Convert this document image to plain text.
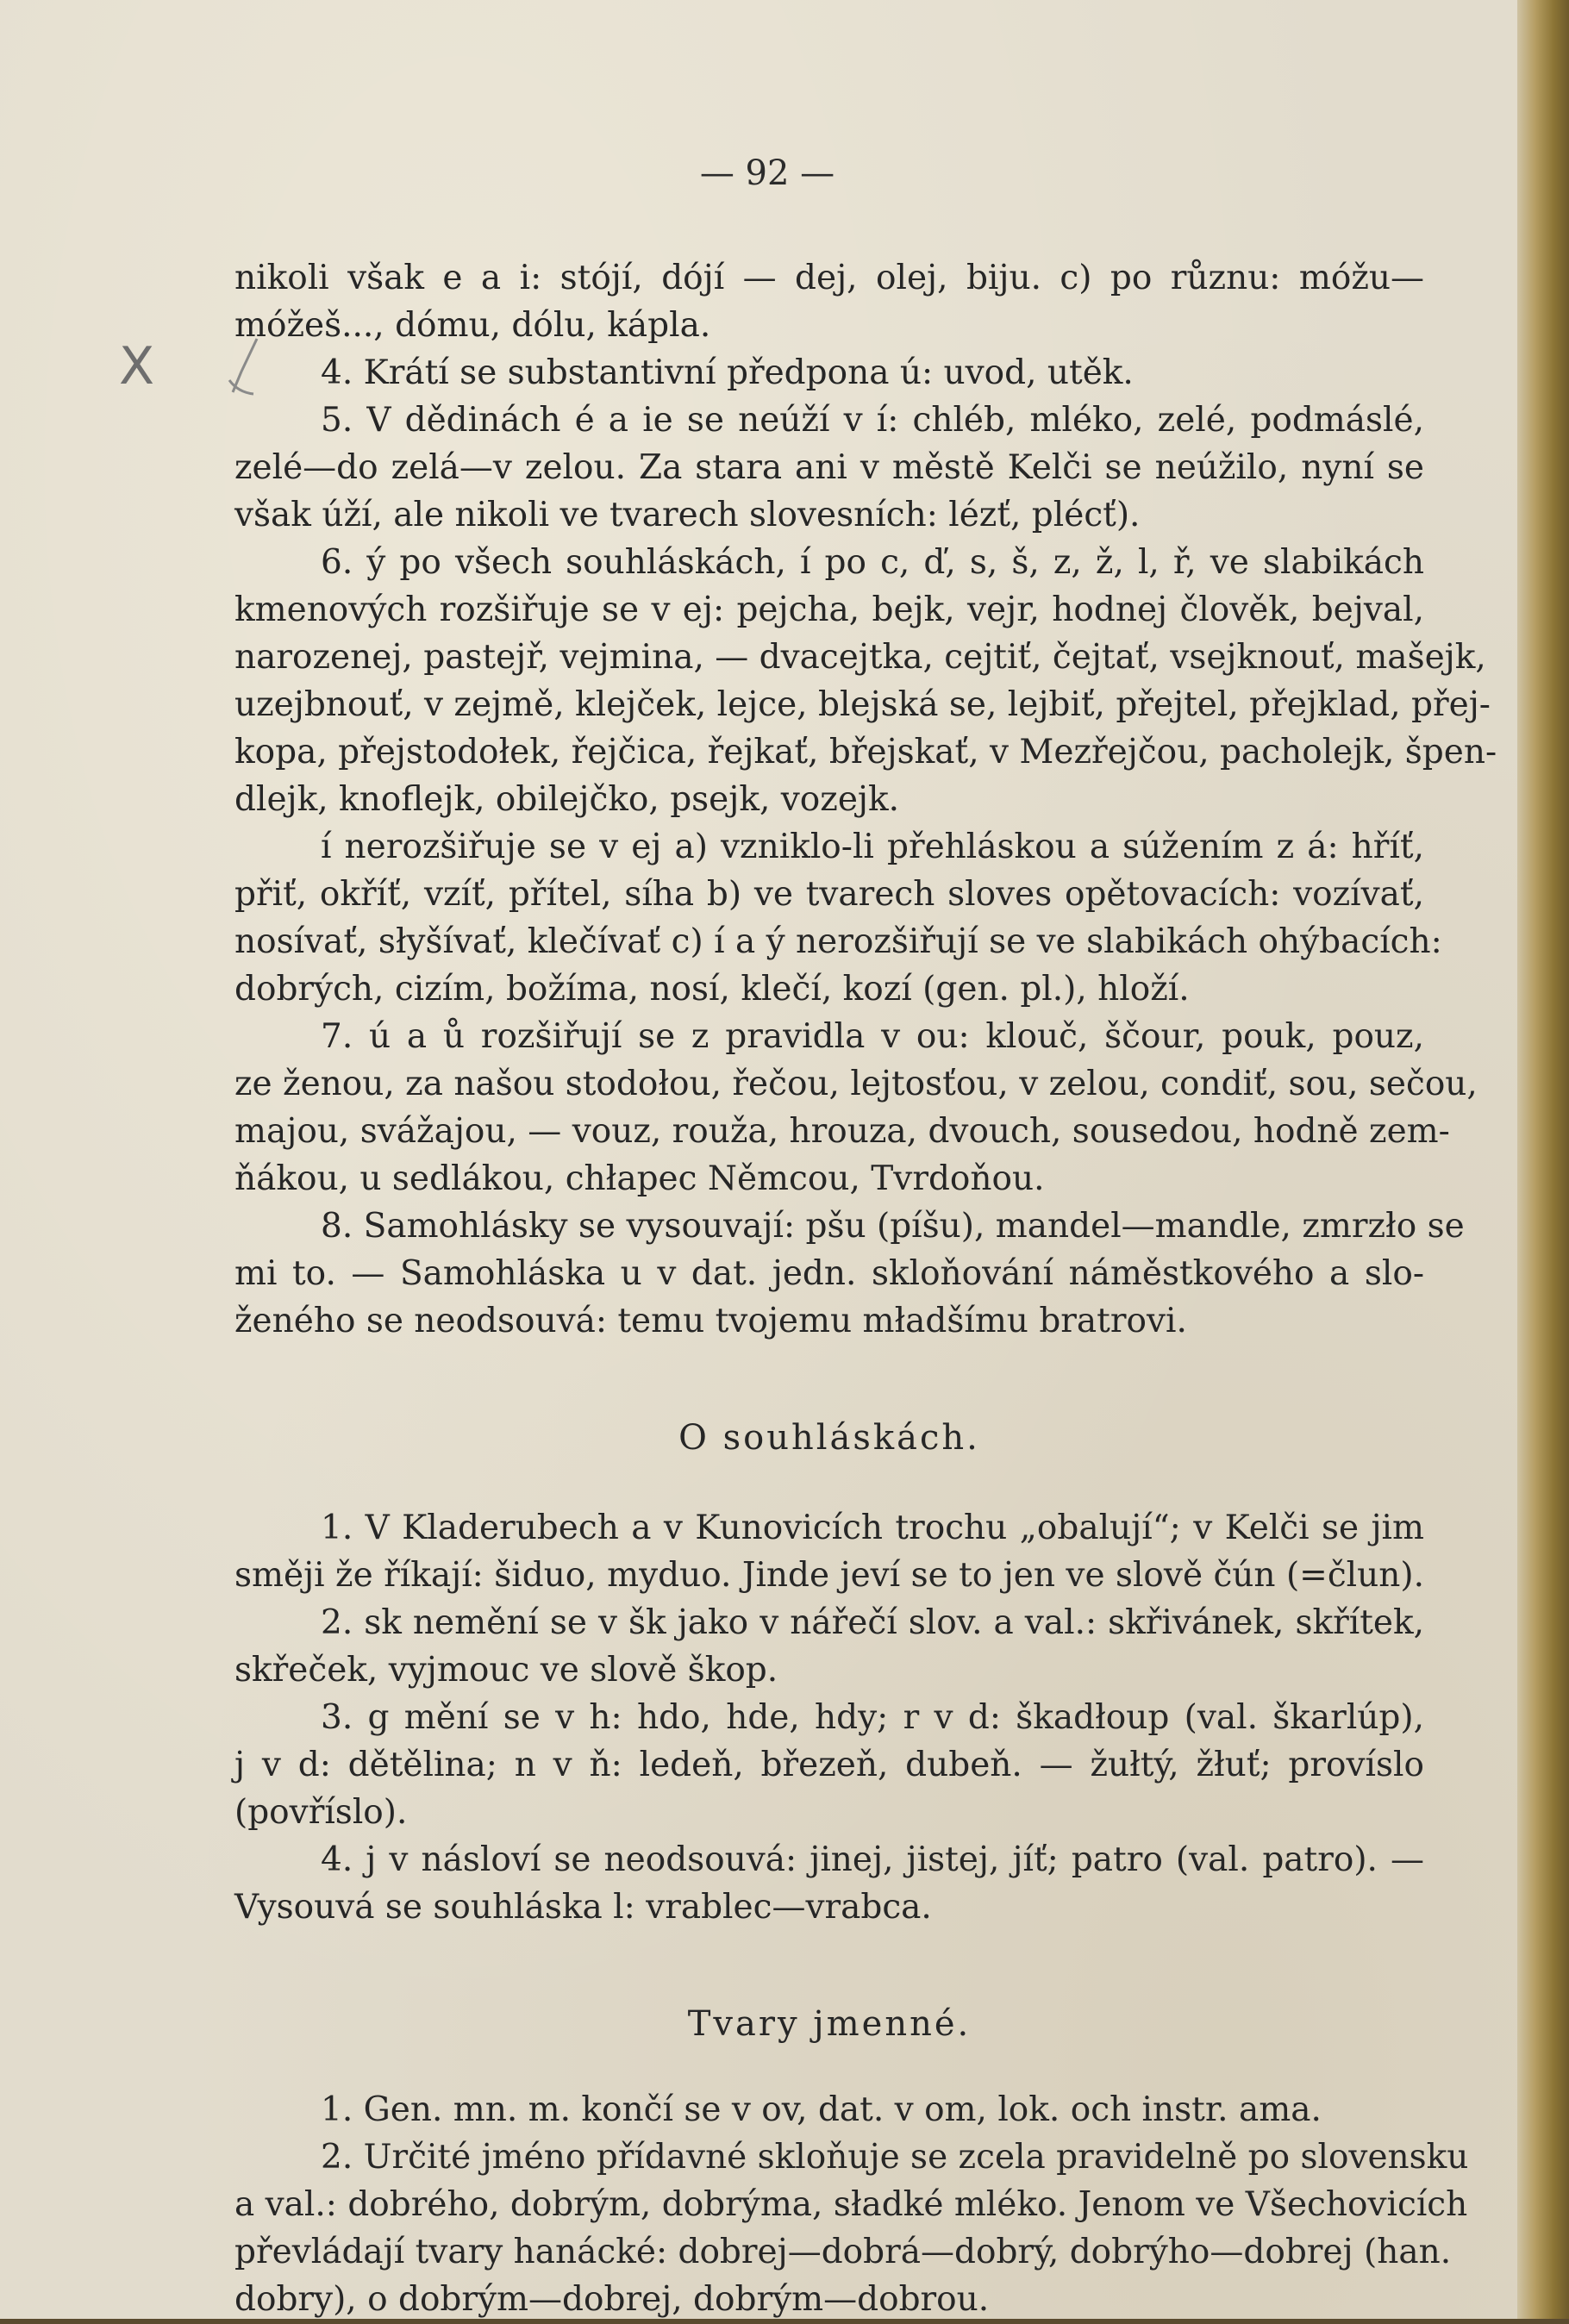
— 92 —
X
nikoli však e a i: stójí, dójí — dej, olej, biju. c) po různu: móžu—
móžeš..., dómu, dólu, kápla.
4. Krátí se substantivní předpona ú: uvod, utěk.
5. V dědinách é a ie se neúží v í: chléb, mléko, zelé, podmáslé,
zelé—do zelá—v zelou. Za stara ani v městě Kelči se neúžilo, nyní se
však úží, ale nikoli ve tvarech slovesních: lézť, plécť).
6. ý po všech souhláskách, í po c, ď, s, š, z, ž, l, ř, ve slabikách
kmenových rozšiřuje se v ej: pejcha, bejk, vejr, hodnej člověk, bejval,
narozenej, pastejř, vejmina, — dvacejtka, cejtiť, čejtať, vsejknouť, mašejk,
uzejbnouť, v zejmě, klejček, lejce, blejská se, lejbiť, přejtel, přejklad, přej-
kopa, přejstodołek, řejčica, řejkať, břejskať, v Mezřejčou, pacholejk, špen-
dlejk, knoflejk, obilejčko, psejk, vozejk.
í nerozšiřuje se v ej a) vzniklo-li přehláskou a súžením z á: hříť,
přiť, okříť, vzíť, přítel, síha b) ve tvarech sloves opětovacích: vozívať,
nosívať, słyšívať, klečívať c) í a ý nerozšiřují se ve slabikách ohýbacích:
dobrých, cizím, božíma, nosí, klečí, kozí (gen. pl.), hloží.
7. ú a ů rozšiřují se z pravidla v ou: klouč, ščour, pouk, pouz,
ze ženou, za našou stodołou, řečou, lejtosťou, v zelou, condiť, sou, sečou,
majou, svážajou, — vouz, rouža, hrouza, dvouch, sousedou, hodně zem-
ňákou, u sedlákou, chłapec Němcou, Tvrdoňou.
8. Samohlásky se vysouvají: pšu (píšu), mandel—mandle, zmrzło se
mi to. — Samohláska u v dat. jedn. skloňování náměstkového a slo-
ženého se neodsouvá: temu tvojemu mładšímu bratrovi.
O souhláskách.
1. V Kladerubech a v Kunovicích trochu „obalují“; v Kelči se jim
směji že říkají: šiduo, myduo. Jinde jeví se to jen ve slově čún (=člun).
2. sk nemění se v šk jako v nářečí slov. a val.: skřivánek, skřítek,
skřeček, vyjmouc ve slově škop.
3. g mění se v h: hdo, hde, hdy; r v d: škadłoup (val. škarlúp),
j v d: dětělina; n v ň: ledeň, březeň, dubeň. — žułtý, žłuť; províslo
(povříslo).
4. j v násloví se neodsouvá: jinej, jistej, jíť; patro (val. patro). —
Vysouvá se souhláska l: vrablec—vrabca.
Tvary jmenné.
1. Gen. mn. m. končí se v ov, dat. v om, lok. och instr. ama.
2. Určité jméno přídavné skloňuje se zcela pravidelně po slovensku
a val.: dobrého, dobrým, dobrýma, sładké mléko. Jenom ve Všechovicích
převládají tvary hanácké: dobrej—dobrá—dobrý, dobrýho—dobrej (han.
dobry), o dobrým—dobrej, dobrým—dobrou.
